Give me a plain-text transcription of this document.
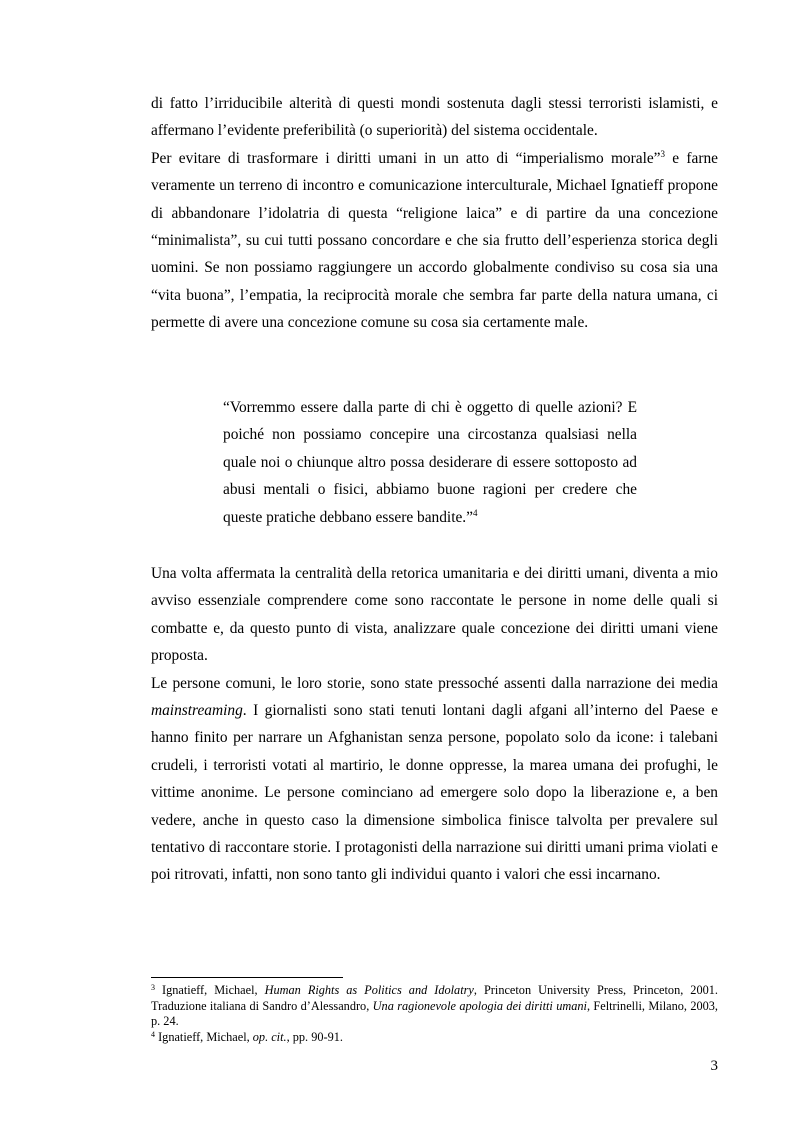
di fatto l’irriducibile alterità di questi mondi sostenuta dagli stessi terroristi islamisti, e affermano l’evidente preferibilità (o superiorità) del sistema occidentale.

Per evitare di trasformare i diritti umani in un atto di “imperialismo morale”$^3$ e farne veramente un terreno di incontro e comunicazione interculturale, Michael Ignatieff propone di abbandonare l’idolatria di questa “religione laica” e di partire da una concezione “minimalista”, su cui tutti possano concordare e che sia frutto dell’esperienza storica degli uomini. Se non possiamo raggiungere un accordo globalmente condiviso su cosa sia una “vita buona”, l’empatia, la reciprocità morale che sembra far parte della natura umana, ci permette di avere una concezione comune su cosa sia certamente male.

“Vorremmo essere dalla parte di chi è oggetto di quelle azioni? E poiché non possiamo concepire una circostanza qualsiasi nella quale noi o chiunque altro possa desiderare di essere sottoposto ad abusi mentali o fisici, abbiamo buone ragioni per credere che queste pratiche debbano essere bandite.”$^4$

Una volta affermata la centralità della retorica umanitaria e dei diritti umani, diventa a mio avviso essenziale comprendere come sono raccontate le persone in nome delle quali si combatte e, da questo punto di vista, analizzare quale concezione dei diritti umani viene proposta.

Le persone comuni, le loro storie, sono state pressoché assenti dalla narrazione dei media mainstreaming. I giornalisti sono stati tenuti lontani dagli afgani all’interno del Paese e hanno finito per narrare un Afghanistan senza persone, popolato solo da icone: i talebani crudeli, i terroristi votati al martirio, le donne oppresse, la marea umana dei profughi, le vittime anonime. Le persone cominciano ad emergere solo dopo la liberazione e, a ben vedere, anche in questo caso la dimensione simbolica finisce talvolta per prevalere sul tentativo di raccontare storie. I protagonisti della narrazione sui diritti umani prima violati e poi ritrovati, infatti, non sono tanto gli individui quanto i valori che essi incarnano.

$^3$ Ignatieff, Michael, Human Rights as Politics and Idolatry, Princeton University Press, Princeton, 2001. Traduzione italiana di Sandro d’Alessandro, Una ragionevole apologia dei diritti umani, Feltrinelli, Milano, 2003, p. 24.

$^4$ Ignatieff, Michael, op. cit., pp. 90-91.

3
